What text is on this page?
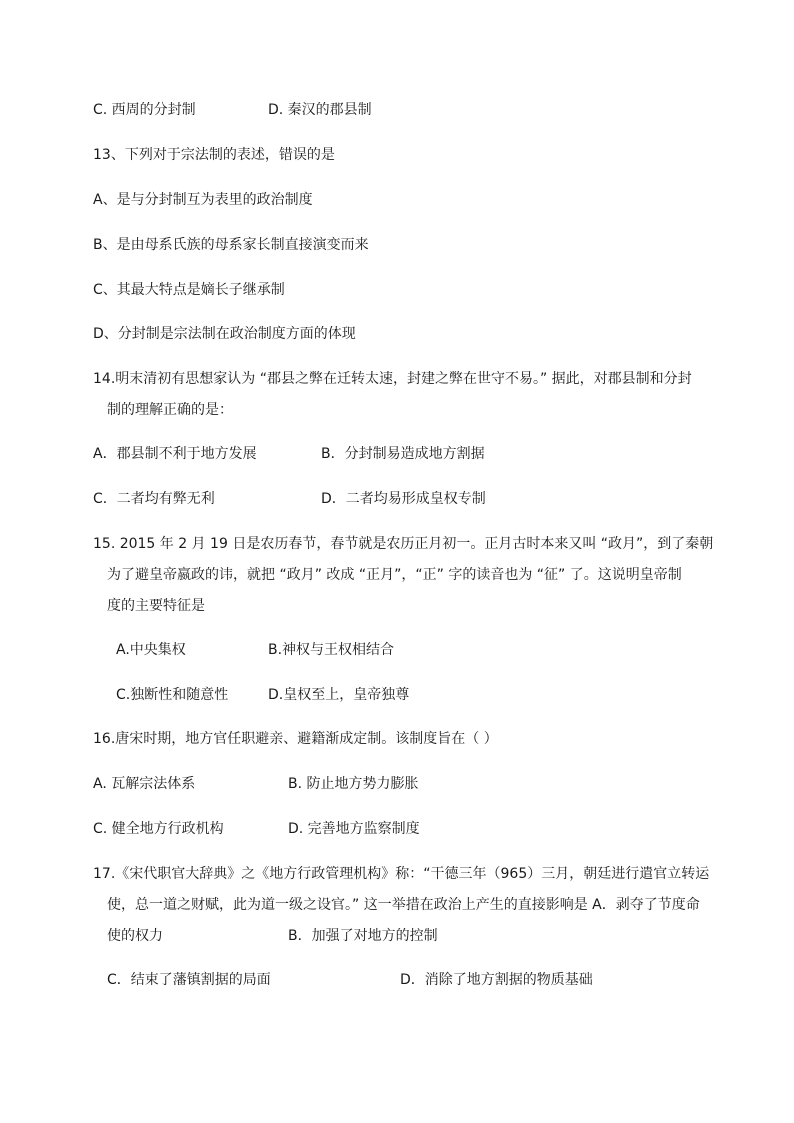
C. 西周的分封制	D. 秦汉的郡县制
13、下列对于宗法制的表述，错误的是
A、是与分封制互为表里的政治制度
B、是由母系氏族的母系家长制直接演变而来
C、其最大特点是嫡长子继承制
D、分封制是宗法制在政治制度方面的体现
14.明末清初有思想家认为 “郡县之弊在迁转太速，封建之弊在世守不易。” 据此，对郡县制和分封
制的理解正确的是：
A．郡县制不利于地方发展	B．分封制易造成地方割据
C．二者均有弊无利	D．二者均易形成皇权专制
15. 2015 年 2 月 19 日是农历春节，春节就是农历正月初一。正月古时本来又叫 “政月”，到了秦朝
为了避皇帝嬴政的讳，就把 “政月” 改成 “正月”，“正” 字的读音也为 “征” 了。这说明皇帝制
度的主要特征是
A.中央集权	B.神权与王权相结合
C.独断性和随意性	D.皇权至上，皇帝独尊
16.唐宋时期，地方官任职避亲、避籍渐成定制。该制度旨在（ ）
A. 瓦解宗法体系	B. 防止地方势力膨胀
C. 健全地方行政机构	D. 完善地方监察制度
17.《宋代职官大辞典》之《地方行政管理机构》称：“干德三年（965）三月，朝廷进行遣官立转运
使，总一道之财赋，此为道一级之设官。” 这一举措在政治上产生的直接影响是 A．剥夺了节度命
使的权力	B．加强了对地方的控制
C．结束了藩镇割据的局面	D．消除了地方割据的物质基础
